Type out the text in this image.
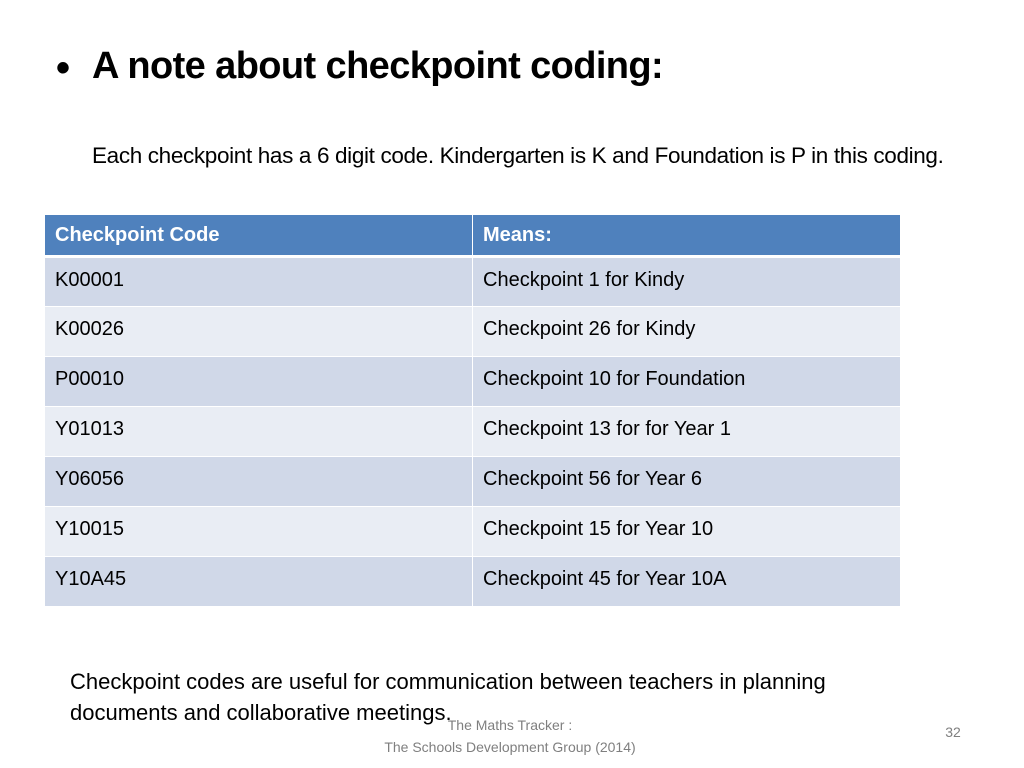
• A note about checkpoint coding:
Each checkpoint has a 6 digit code. Kindergarten is K and Foundation is P in this coding.
Checkpoint Code	Means:
K00001	Checkpoint 1 for Kindy
K00026	Checkpoint 26 for Kindy
P00010	Checkpoint 10 for Foundation
Y01013	Checkpoint 13 for for Year 1
Y06056	Checkpoint 56 for Year 6
Y10015	Checkpoint 15 for Year 10
Y10A45	Checkpoint 45 for Year 10A
The Maths Tracker :
The Schools Development Group (2014)
Checkpoint codes are useful for communication between teachers in planning documents and collaborative meetings.
32
